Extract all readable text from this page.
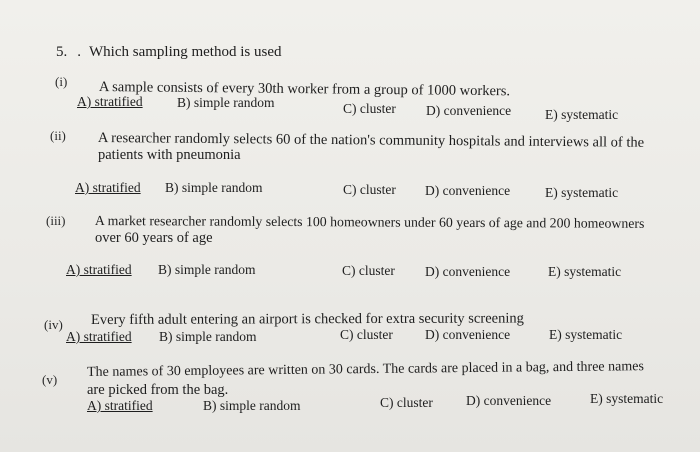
5. . Which sampling method is used
(i) A sample consists of every 30th worker from a group of 1000 workers.
A) stratified	B) simple random	C) cluster D) convenience	E) systematic
(ii) A researcher randomly selects 60 of the nation's community hospitals and interviews all of the
patients with pneumonia
A) stratified B) simple random	C) cluster D) convenience	E) systematic
(iii) A market researcher randomly selects 100 homeowners under 60 years of age and 200 homeowners
over 60 years of age
A) stratified B) simple random	C) cluster D) convenience	E) systematic
(iv) Every fifth adult entering an airport is checked for extra security screening
A) stratified B) simple random	C) cluster D) convenience	E) systematic
(v) The names of 30 employees are written on 30 cards. The cards are placed in a bag, and three names
are picked from the bag.
A) stratified	B) simple random	C) cluster D) convenience	E) systematic
